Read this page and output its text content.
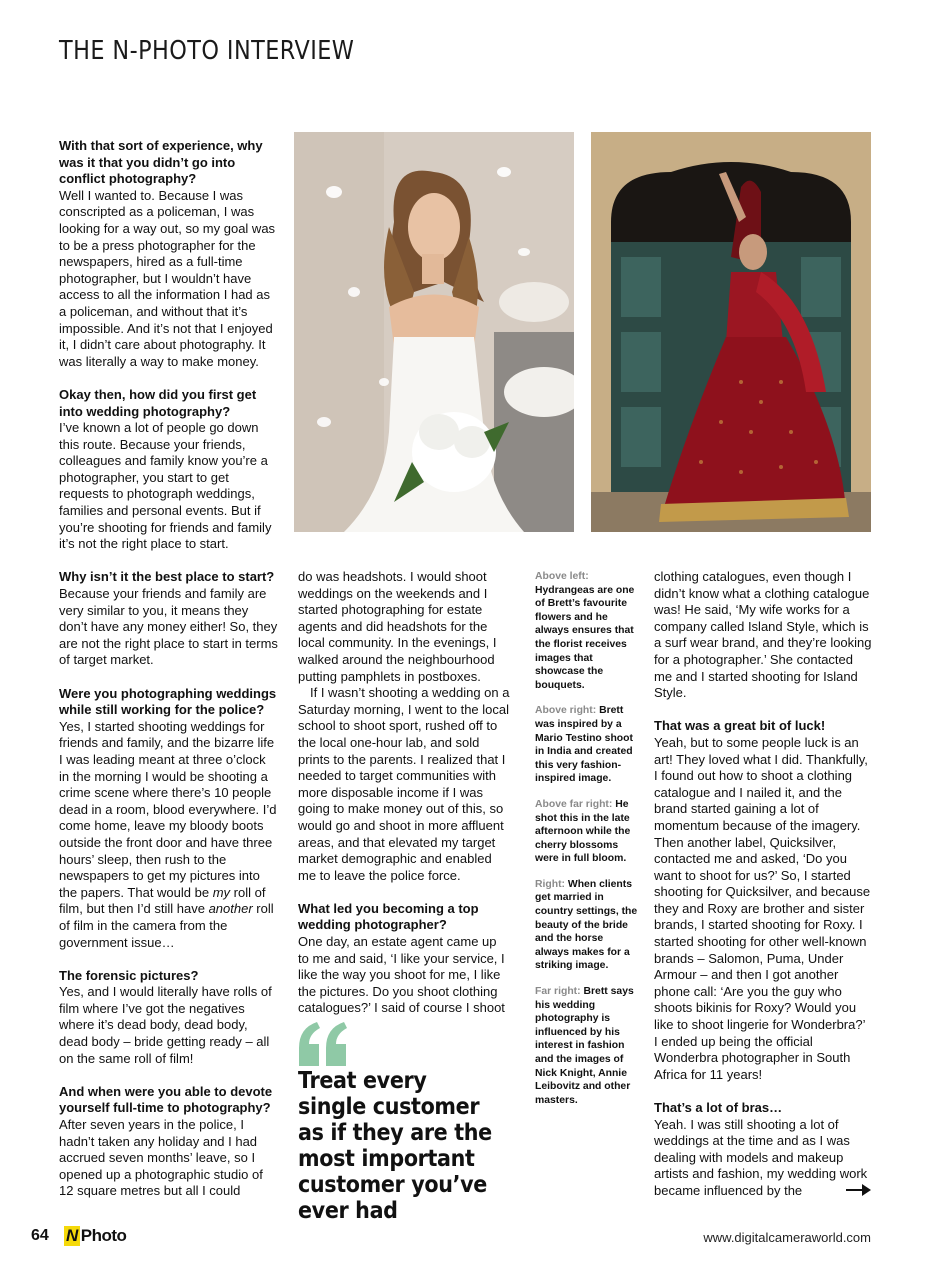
THE N-PHOTO INTERVIEW

With that sort of experience, why was it that you didn’t go into conflict photography?

Well I wanted to. Because I was conscripted as a policeman, I was looking for a way out, so my goal was to be a press photographer for the newspapers, hired as a full-time photographer, but I wouldn’t have access to all the information I had as a policeman, and without that it’s impossible. And it’s not that I enjoyed it, I didn’t care about photography. It was literally a way to make money.

Okay then, how did you first get into wedding photography?

I’ve known a lot of people go down this route. Because your friends, colleagues and family know you’re a photographer, you start to get requests to photograph weddings, families and personal events. But if you’re shooting for friends and family it’s not the right place to start.

Why isn’t it the best place to start?

Because your friends and family are very similar to you, it means they don’t have any money either! So, they are not the right place to start in terms of target market.

Were you photographing weddings while still working for the police?

Yes, I started shooting weddings for friends and family, and the bizarre life I was leading meant at three o’clock in the morning I would be shooting a crime scene where there’s 10 people dead in a room, blood everywhere. I’d come home, leave my bloody boots outside the front door and have three hours’ sleep, then rush to the newspapers to get my pictures into the papers. That would be my roll of film, but then I’d still have another roll of film in the camera from the government issue…

The forensic pictures?

Yes, and I would literally have rolls of film where I’ve got the negatives where it’s dead body, dead body, dead body – bride getting ready – all on the same roll of film!

And when were you able to devote yourself full-time to photography?

After seven years in the police, I hadn’t taken any holiday and I had accrued seven months’ leave, so I opened up a photographic studio of 12 square metres but all I could

do was headshots. I would shoot weddings on the weekends and I started photographing for estate agents and did headshots for the local community. In the evenings, I walked around the neighbourhood putting pamphlets in postboxes.

If I wasn’t shooting a wedding on a Saturday morning, I went to the local school to shoot sport, rushed off to the local one-hour lab, and sold prints to the parents. I realized that I needed to target communities with more disposable income if I was going to make money out of this, so would go and shoot in more affluent areas, and that elevated my target market demographic and enabled me to leave the police force.

What led you becoming a top wedding photographer?

One day, an estate agent came up to me and said, ‘I like your service, I like the way you shoot for me, I like the pictures. Do you shoot clothing catalogues?’ I said of course I shoot

Treat every single customer as if they are the most important customer you’ve ever had

Above left: Hydrangeas are one of Brett’s favourite flowers and he always ensures that the florist receives images that showcase the bouquets.

Above right: Brett was inspired by a Mario Testino shoot in India and created this very fashion-inspired image.

Above far right: He shot this in the late afternoon while the cherry blossoms were in full bloom.

Right: When clients get married in country settings, the beauty of the bride and the horse always makes for a striking image.

Far right: Brett says his wedding photography is influenced by his interest in fashion and the images of Nick Knight, Annie Leibovitz and other masters.

clothing catalogues, even though I didn’t know what a clothing catalogue was! He said, ‘My wife works for a company called Island Style, which is a surf wear brand, and they’re looking for a photographer.’ She contacted me and I started shooting for Island Style.

That was a great bit of luck!

Yeah, but to some people luck is an art! They loved what I did. Thankfully, I found out how to shoot a clothing catalogue and I nailed it, and the brand started gaining a lot of momentum because of the imagery. Then another label, Quicksilver, contacted me and asked, ‘Do you want to shoot for us?’ So, I started shooting for Quicksilver, and because they and Roxy are brother and sister brands, I started shooting for Roxy. I started shooting for other well-known brands – Salomon, Puma, Under Armour – and then I got another phone call: ‘Are you the guy who shoots bikinis for Roxy? Would you like to shoot lingerie for Wonderbra?’ I ended up being the official Wonderbra photographer in South Africa for 11 years!

That’s a lot of bras…

Yeah. I was still shooting a lot of weddings at the time and as I was dealing with models and makeup artists and fashion, my wedding work became influenced by the

64 N Photo	www.digitalcameraworld.com
